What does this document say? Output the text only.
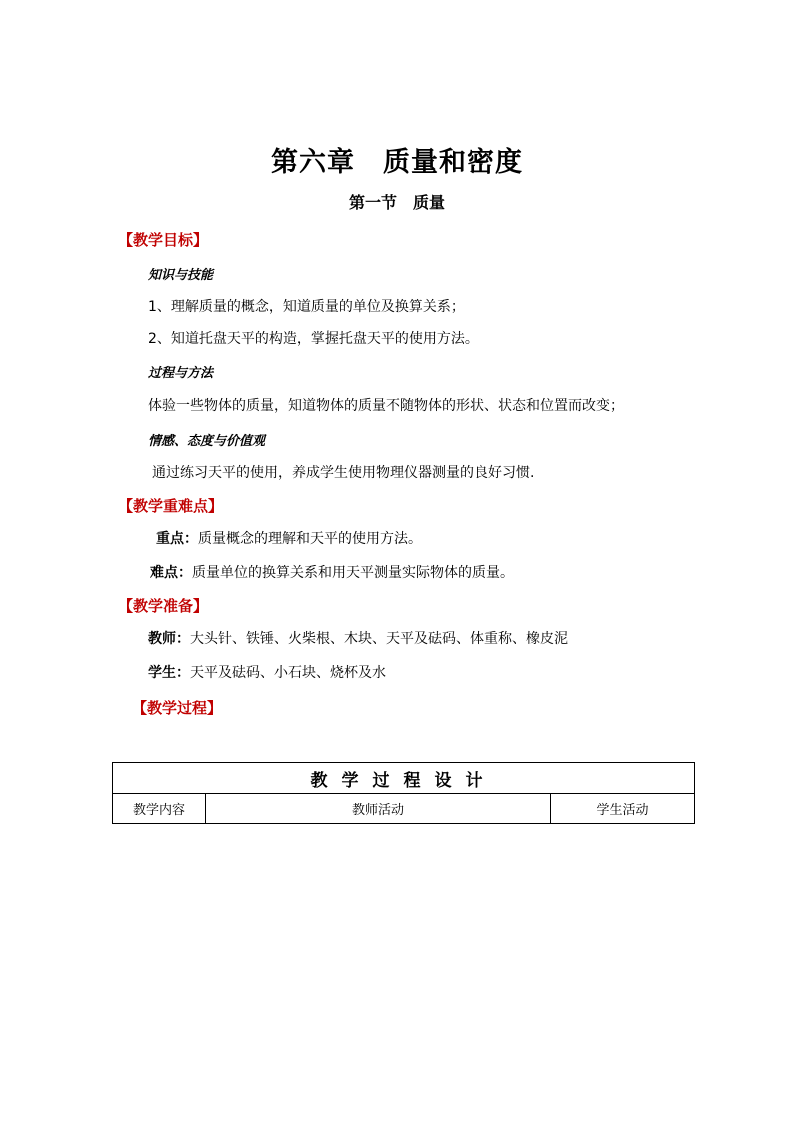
第六章　质量和密度
第一节　质量
【教学目标】
知识与技能
1、理解质量的概念，知道质量的单位及换算关系；
2、知道托盘天平的构造，掌握托盘天平的使用方法。
过程与方法
体验一些物体的质量，知道物体的质量不随物体的形状、状态和位置而改变；
情感、态度与价值观
通过练习天平的使用，养成学生使用物理仪器测量的良好习惯.
【教学重难点】
重点：质量概念的理解和天平的使用方法。
难点：质量单位的换算关系和用天平测量实际物体的质量。
【教学准备】
教师：大头针、铁锤、火柴根、木块、天平及砝码、体重称、橡皮泥
学生：天平及砝码、小石块、烧杯及水
【教学过程】
教学过程设计
教学内容	教师活动	学生活动
